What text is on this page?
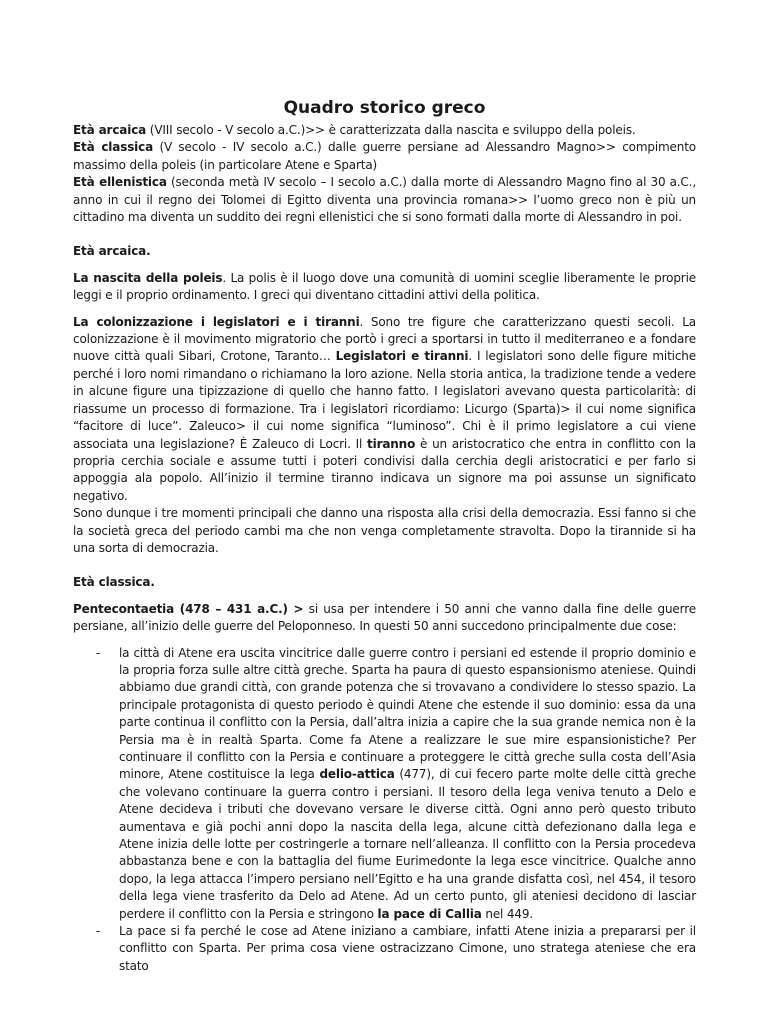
Quadro storico greco

Età arcaica (VIII secolo - V secolo a.C.)>> è caratterizzata dalla nascita e sviluppo della poleis.

Età classica (V secolo - IV secolo a.C.) dalle guerre persiane ad Alessandro Magno>> compimento massimo della poleis (in particolare Atene e Sparta)

Età ellenistica (seconda metà IV secolo – I secolo a.C.) dalla morte di Alessandro Magno fino al 30 a.C., anno in cui il regno dei Tolomei di Egitto diventa una provincia romana>> l’uomo greco non è più un cittadino ma diventa un suddito dei regni ellenistici che si sono formati dalla morte di Alessandro in poi.

Età arcaica.

La nascita della poleis. La polis è il luogo dove una comunità di uomini sceglie liberamente le proprie leggi e il proprio ordinamento. I greci qui diventano cittadini attivi della politica.

La colonizzazione i legislatori e i tiranni. Sono tre figure che caratterizzano questi secoli. La colonizzazione è il movimento migratorio che portò i greci a sportarsi in tutto il mediterraneo e a fondare nuove città quali Sibari, Crotone, Taranto… Legislatori e tiranni. I legislatori sono delle figure mitiche perché i loro nomi rimandano o richiamano la loro azione. Nella storia antica, la tradizione tende a vedere in alcune figure una tipizzazione di quello che hanno fatto. I legislatori avevano questa particolarità: di riassume un processo di formazione. Tra i legislatori ricordiamo: Licurgo (Sparta)> il cui nome significa “facitore di luce”. Zaleuco> il cui nome significa “luminoso”. Chi è il primo legislatore a cui viene associata una legislazione? È Zaleuco di Locri. Il tiranno è un aristocratico che entra in conflitto con la propria cerchia sociale e assume tutti i poteri condivisi dalla cerchia degli aristocratici e per farlo si appoggia ala popolo. All’inizio il termine tiranno indicava un signore ma poi assunse un significato negativo.

Sono dunque i tre momenti principali che danno una risposta alla crisi della democrazia. Essi fanno si che la società greca del periodo cambi ma che non venga completamente stravolta. Dopo la tirannide si ha una sorta di democrazia.

Età classica.

Pentecontaetia (478 – 431 a.C.) > si usa per intendere i 50 anni che vanno dalla fine delle guerre persiane, all’inizio delle guerre del Peloponneso. In questi 50 anni succedono principalmente due cose:

- la città di Atene era uscita vincitrice dalle guerre contro i persiani ed estende il proprio dominio e la propria forza sulle altre città greche. Sparta ha paura di questo espansionismo ateniese. Quindi abbiamo due grandi città, con grande potenza che si trovavano a condividere lo stesso spazio. La principale protagonista di questo periodo è quindi Atene che estende il suo dominio: essa da una parte continua il conflitto con la Persia, dall’altra inizia a capire che la sua grande nemica non è la Persia ma è in realtà Sparta. Come fa Atene a realizzare le sue mire espansionistiche? Per continuare il conflitto con la Persia e continuare a proteggere le città greche sulla costa dell’Asia minore, Atene costituisce la lega delio-attica (477), di cui fecero parte molte delle città greche che volevano continuare la guerra contro i persiani. Il tesoro della lega veniva tenuto a Delo e Atene decideva i tributi che dovevano versare le diverse città. Ogni anno però questo tributo aumentava e già pochi anni dopo la nascita della lega, alcune città defezionano dalla lega e Atene inizia delle lotte per costringerle a tornare nell’alleanza. Il conflitto con la Persia procedeva abbastanza bene e con la battaglia del fiume Eurimedonte la lega esce vincitrice. Qualche anno dopo, la lega attacca l’impero persiano nell’Egitto e ha una grande disfatta così, nel 454, il tesoro della lega viene trasferito da Delo ad Atene. Ad un certo punto, gli ateniesi decidono di lasciar perdere il conflitto con la Persia e stringono la pace di Callia nel 449.
- La pace si fa perché le cose ad Atene iniziano a cambiare, infatti Atene inizia a prepararsi per il conflitto con Sparta. Per prima cosa viene ostracizzano Cimone, uno stratega ateniese che era stato
